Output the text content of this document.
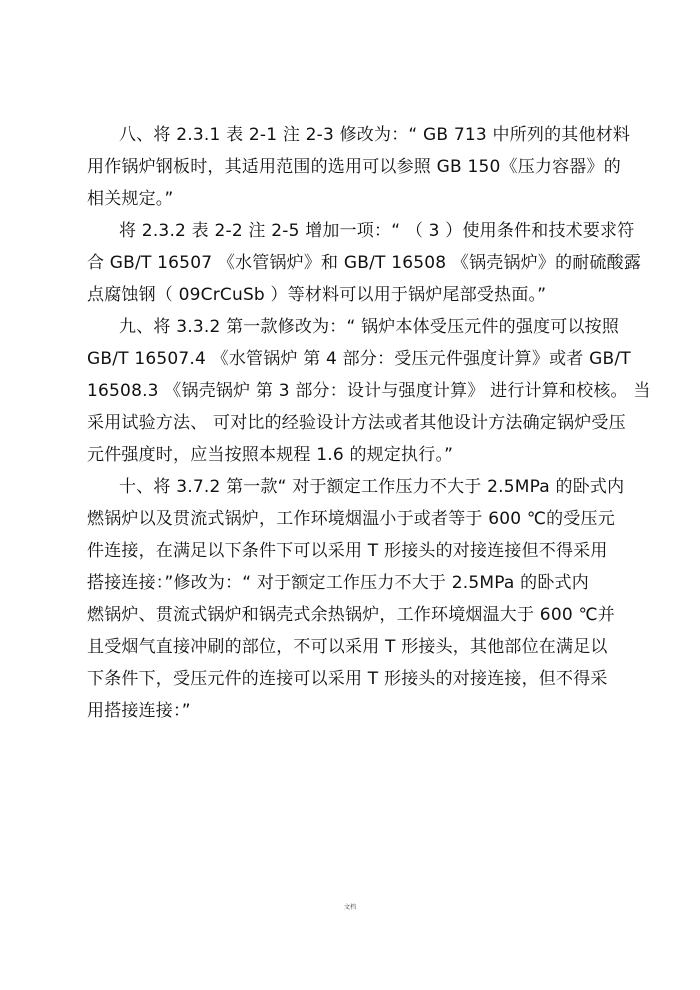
八、将 2.3.1 表 2-1 注 2-3 修改为：“ GB 713 中所列的其他材料
用作锅炉钢板时，其适用范围的选用可以参照 GB 150《压力容器》的
相关规定。”
将 2.3.2 表 2-2 注 2-5 增加一项：“ （ 3 ）使用条件和技术要求符
合 GB/T 16507 《水管锅炉》和 GB/T 16508 《锅壳锅炉》的耐硫酸露
点腐蚀钢（ 09CrCuSb ）等材料可以用于锅炉尾部受热面。”
九、将 3.3.2 第一款修改为：“ 锅炉本体受压元件的强度可以按照
GB/T 16507.4 《水管锅炉 第 4 部分：受压元件强度计算》或者 GB/T
16508.3 《锅壳锅炉 第 3 部分：设计与强度计算》 进行计算和校核。 当
采用试验方法、 可对比的经验设计方法或者其他设计方法确定锅炉受压
元件强度时，应当按照本规程 1.6 的规定执行。”
十、将 3.7.2 第一款“ 对于额定工作压力不大于 2.5MPa 的卧式内
燃锅炉以及贯流式锅炉，工作环境烟温小于或者等于 600 ℃的受压元
件连接，在满足以下条件下可以采用 T 形接头的对接连接但不得采用
搭接连接：”修改为：“ 对于额定工作压力不大于 2.5MPa 的卧式内
燃锅炉、贯流式锅炉和锅壳式余热锅炉，工作环境烟温大于 600 ℃并
且受烟气直接冲刷的部位，不可以采用 T 形接头，其他部位在满足以
下条件下，受压元件的连接可以采用 T 形接头的对接连接，但不得采
用搭接连接：”
文档
